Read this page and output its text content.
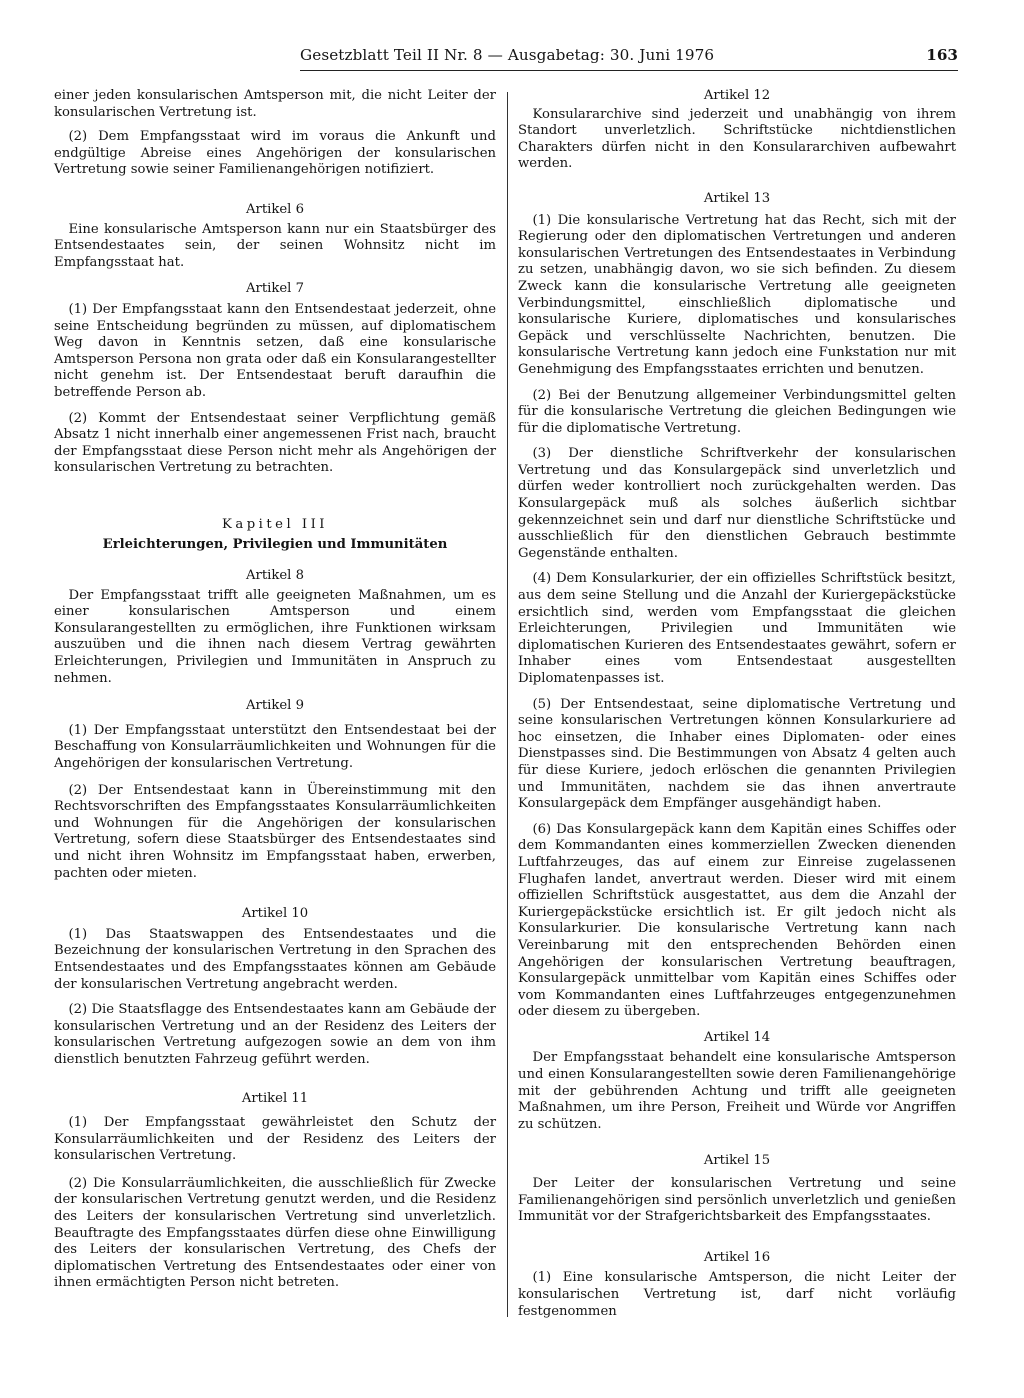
Gesetzblatt Teil II Nr. 8 — Ausgabetag: 30. Juni 1976	163

einer jeden konsularischen Amtsperson mit, die nicht Leiter der konsularischen Vertretung ist.

(2) Dem Empfangsstaat wird im voraus die Ankunft und endgültige Abreise eines Angehörigen der konsularischen Vertretung sowie seiner Familienangehörigen notifiziert.

Artikel 6

Eine konsularische Amtsperson kann nur ein Staatsbürger des Entsendestaates sein, der seinen Wohnsitz nicht im Empfangsstaat hat.

Artikel 7

(1) Der Empfangsstaat kann den Entsendestaat jederzeit, ohne seine Entscheidung begründen zu müssen, auf diplomatischem Weg davon in Kenntnis setzen, daß eine konsularische Amtsperson Persona non grata oder daß ein Konsularangestellter nicht genehm ist. Der Entsendestaat beruft daraufhin die betreffende Person ab.

(2) Kommt der Entsendestaat seiner Verpflichtung gemäß Absatz 1 nicht innerhalb einer angemessenen Frist nach, braucht der Empfangsstaat diese Person nicht mehr als Angehörigen der konsularischen Vertretung zu betrachten.

Kapitel III

Erleichterungen, Privilegien und Immunitäten

Artikel 8

Der Empfangsstaat trifft alle geeigneten Maßnahmen, um es einer konsularischen Amtsperson und einem Konsularangestellten zu ermöglichen, ihre Funktionen wirksam auszuüben und die ihnen nach diesem Vertrag gewährten Erleichterungen, Privilegien und Immunitäten in Anspruch zu nehmen.

Artikel 9

(1) Der Empfangsstaat unterstützt den Entsendestaat bei der Beschaffung von Konsularräumlichkeiten und Wohnungen für die Angehörigen der konsularischen Vertretung.

(2) Der Entsendestaat kann in Übereinstimmung mit den Rechtsvorschriften des Empfangsstaates Konsularräumlichkeiten und Wohnungen für die Angehörigen der konsularischen Vertretung, sofern diese Staatsbürger des Entsendestaates sind und nicht ihren Wohnsitz im Empfangsstaat haben, erwerben, pachten oder mieten.

Artikel 10

(1) Das Staatswappen des Entsendestaates und die Bezeichnung der konsularischen Vertretung in den Sprachen des Entsendestaates und des Empfangsstaates können am Gebäude der konsularischen Vertretung angebracht werden.

(2) Die Staatsflagge des Entsendestaates kann am Gebäude der konsularischen Vertretung und an der Residenz des Leiters der konsularischen Vertretung aufgezogen sowie an dem von ihm dienstlich benutzten Fahrzeug geführt werden.

Artikel 11

(1) Der Empfangsstaat gewährleistet den Schutz der Konsularräumlichkeiten und der Residenz des Leiters der konsularischen Vertretung.

(2) Die Konsularräumlichkeiten, die ausschließlich für Zwecke der konsularischen Vertretung genutzt werden, und die Residenz des Leiters der konsularischen Vertretung sind unverletzlich. Beauftragte des Empfangsstaates dürfen diese ohne Einwilligung des Leiters der konsularischen Vertretung, des Chefs der diplomatischen Vertretung des Entsendestaates oder einer von ihnen ermächtigten Person nicht betreten.

Artikel 12

Konsulararchive sind jederzeit und unabhängig von ihrem Standort unverletzlich. Schriftstücke nichtdienstlichen Charakters dürfen nicht in den Konsulararchiven aufbewahrt werden.

Artikel 13

(1) Die konsularische Vertretung hat das Recht, sich mit der Regierung oder den diplomatischen Vertretungen und anderen konsularischen Vertretungen des Entsendestaates in Verbindung zu setzen, unabhängig davon, wo sie sich befinden. Zu diesem Zweck kann die konsularische Vertretung alle geeigneten Verbindungsmittel, einschließlich diplomatische und konsularische Kuriere, diplomatisches und konsularisches Gepäck und verschlüsselte Nachrichten, benutzen. Die konsularische Vertretung kann jedoch eine Funkstation nur mit Genehmigung des Empfangsstaates errichten und benutzen.

(2) Bei der Benutzung allgemeiner Verbindungsmittel gelten für die konsularische Vertretung die gleichen Bedingungen wie für die diplomatische Vertretung.

(3) Der dienstliche Schriftverkehr der konsularischen Vertretung und das Konsulargepäck sind unverletzlich und dürfen weder kontrolliert noch zurückgehalten werden. Das Konsulargepäck muß als solches äußerlich sichtbar gekennzeichnet sein und darf nur dienstliche Schriftstücke und ausschließlich für den dienstlichen Gebrauch bestimmte Gegenstände enthalten.

(4) Dem Konsularkurier, der ein offizielles Schriftstück besitzt, aus dem seine Stellung und die Anzahl der Kuriergepäckstücke ersichtlich sind, werden vom Empfangsstaat die gleichen Erleichterungen, Privilegien und Immunitäten wie diplomatischen Kurieren des Entsendestaates gewährt, sofern er Inhaber eines vom Entsendestaat ausgestellten Diplomatenpasses ist.

(5) Der Entsendestaat, seine diplomatische Vertretung und seine konsularischen Vertretungen können Konsularkuriere ad hoc einsetzen, die Inhaber eines Diplomaten- oder eines Dienstpasses sind. Die Bestimmungen von Absatz 4 gelten auch für diese Kuriere, jedoch erlöschen die genannten Privilegien und Immunitäten, nachdem sie das ihnen anvertraute Konsulargepäck dem Empfänger ausgehändigt haben.

(6) Das Konsulargepäck kann dem Kapitän eines Schiffes oder dem Kommandanten eines kommerziellen Zwecken dienenden Luftfahrzeuges, das auf einem zur Einreise zugelassenen Flughafen landet, anvertraut werden. Dieser wird mit einem offiziellen Schriftstück ausgestattet, aus dem die Anzahl der Kuriergepäckstücke ersichtlich ist. Er gilt jedoch nicht als Konsularkurier. Die konsularische Vertretung kann nach Vereinbarung mit den entsprechenden Behörden einen Angehörigen der konsularischen Vertretung beauftragen, Konsulargepäck unmittelbar vom Kapitän eines Schiffes oder vom Kommandanten eines Luftfahrzeuges entgegenzunehmen oder diesem zu übergeben.

Artikel 14

Der Empfangsstaat behandelt eine konsularische Amtsperson und einen Konsularangestellten sowie deren Familienangehörige mit der gebührenden Achtung und trifft alle geeigneten Maßnahmen, um ihre Person, Freiheit und Würde vor Angriffen zu schützen.

Artikel 15

Der Leiter der konsularischen Vertretung und seine Familienangehörigen sind persönlich unverletzlich und genießen Immunität vor der Strafgerichtsbarkeit des Empfangsstaates.

Artikel 16

(1) Eine konsularische Amtsperson, die nicht Leiter der konsularischen Vertretung ist, darf nicht vorläufig festgenommen
